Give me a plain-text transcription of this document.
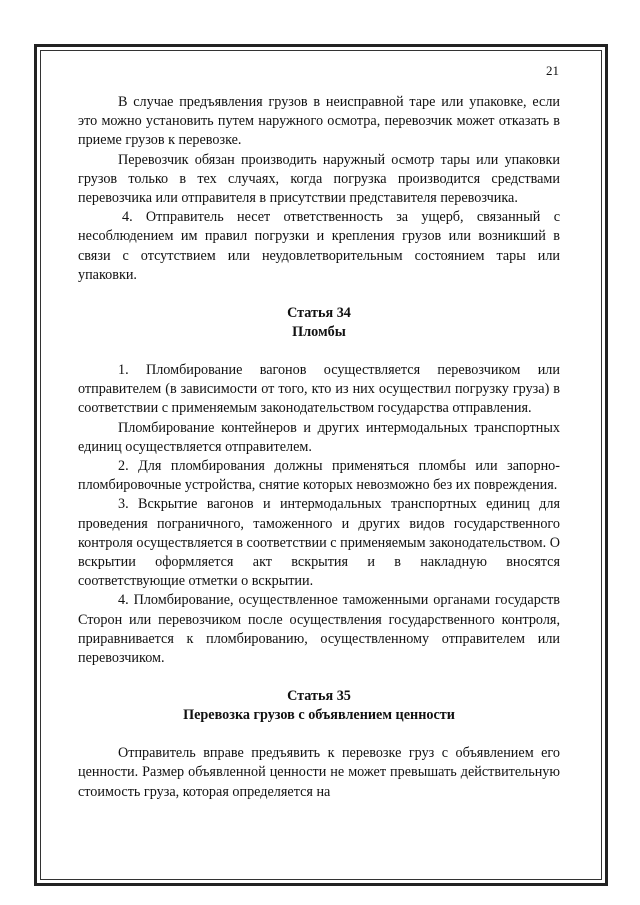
21

В случае предъявления грузов в неисправной таре или упаковке, если это можно установить путем наружного осмотра, перевозчик может отказать в приеме грузов к перевозке.

Перевозчик обязан производить наружный осмотр тары или упаковки грузов только в тех случаях, когда погрузка производится средствами перевозчика или отправителя в присутствии представителя перевозчика.

4. Отправитель несет ответственность за ущерб, связанный с несоблюдением им правил погрузки и крепления грузов или возникший в связи с отсутствием или неудовлетворительным состоянием тары или упаковки.

Статья 34
Пломбы

1. Пломбирование вагонов осуществляется перевозчиком или отправителем (в зависимости от того, кто из них осуществил погрузку груза) в соответствии с применяемым законодательством государства отправления.

Пломбирование контейнеров и других интермодальных транспортных единиц осуществляется отправителем.

2. Для пломбирования должны применяться пломбы или запорно-пломбировочные устройства, снятие которых невозможно без их повреждения.

3. Вскрытие вагонов и интермодальных транспортных единиц для проведения пограничного, таможенного и других видов государственного контроля осуществляется в соответствии с применяемым законодательством. О вскрытии оформляется акт вскрытия и в накладную вносятся соответствующие отметки о вскрытии.

4. Пломбирование, осуществленное таможенными органами государств Сторон или перевозчиком после осуществления государственного контроля, приравнивается к пломбированию, осуществленному отправителем или перевозчиком.

Статья 35
Перевозка грузов с объявлением ценности

Отправитель вправе предъявить к перевозке груз с объявлением его ценности. Размер объявленной ценности не может превышать действительную стоимость груза, которая определяется на
